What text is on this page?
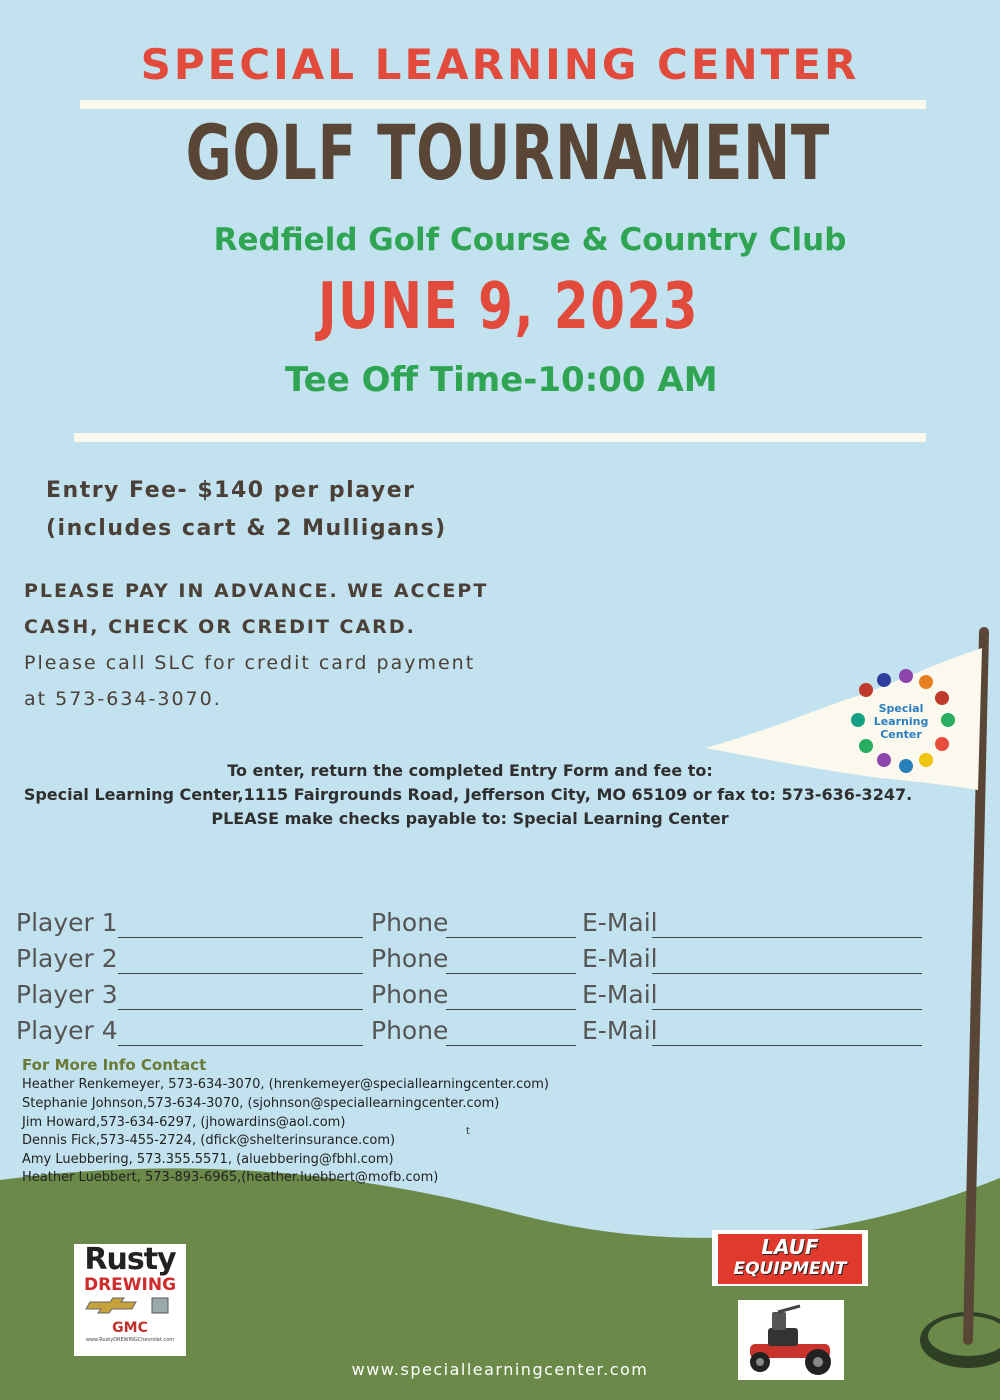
Special
Learning
Center
SPECIAL LEARNING CENTER
GOLF TOURNAMENT
Redfield Golf Course & Country Club
JUNE 9, 2023
Tee Off Time-10:00 AM
Entry Fee- $140 per player
(includes cart & 2 Mulligans)
PLEASE PAY IN ADVANCE. WE ACCEPT
CASH, CHECK OR CREDIT CARD.
Please call SLC for credit card payment
at 573-634-3070.
To enter, return the completed Entry Form and fee to:
Special Learning Center,1115 Fairgrounds Road, Jefferson City, MO 65109 or fax to: 573-636-3247.
PLEASE make checks payable to: Special Learning Center
Player 1	Phone	E-Mail
Player 2	Phone	E-Mail
Player 3	Phone	E-Mail
Player 4	Phone	E-Mail
For More Info Contact
Heather Renkemeyer, 573-634-3070, (hrenkemeyer@speciallearningcenter.com)
Stephanie Johnson,573-634-3070, (sjohnson@speciallearningcenter.com)
Jim Howard,573-634-6297, (jhowardins@aol.com)
Dennis Fick,573-455-2724, (dfick@shelterinsurance.com)
Amy Luebbering, 573.355.5571, (aluebbering@fbhl.com)
Heather Luebbert, 573-893-6965,(heather.luebbert@mofb.com)
t
Rusty
DREWING
GMC
www.RustyDREWINGChevrolet.com
LAUF
EQUIPMENT
www.speciallearningcenter.com
